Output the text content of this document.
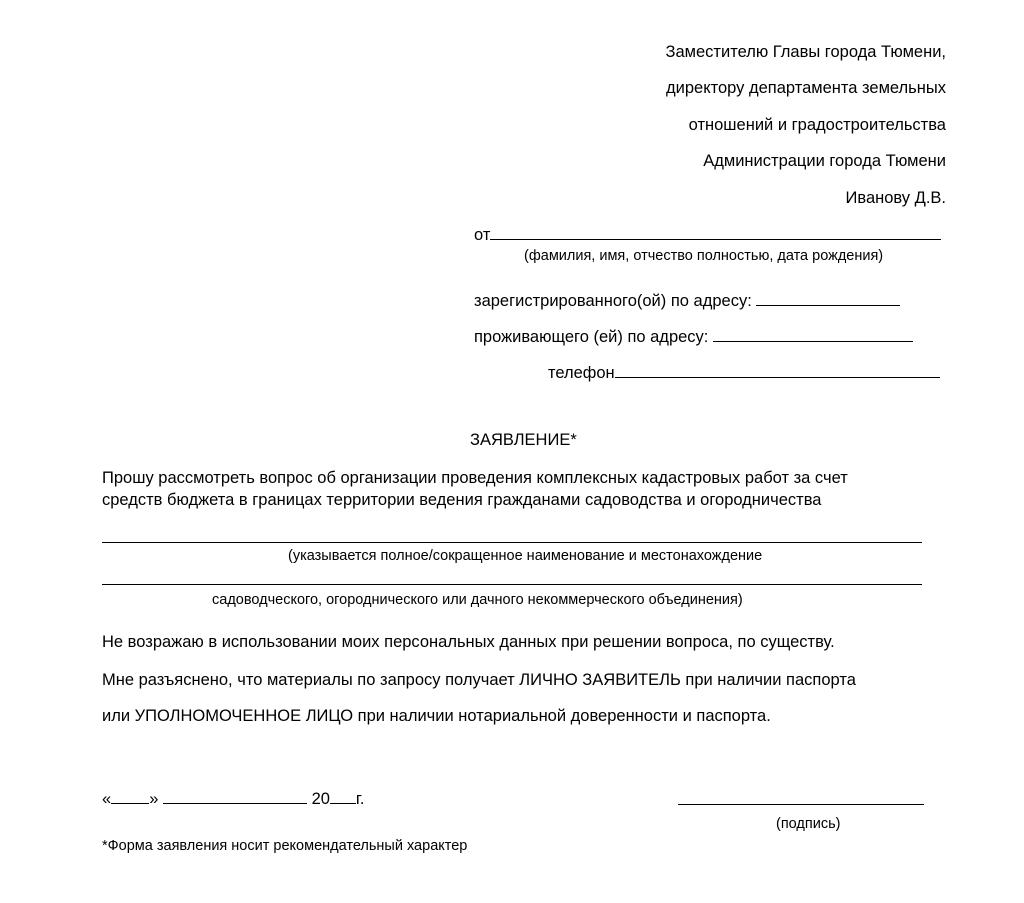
Заместителю Главы города Тюмени,
директору департамента земельных
отношений и градостроительства
Администрации города Тюмени
Иванову Д.В.
от
(фамилия, имя, отчество полностью, дата рождения)
зарегистрированного(ой) по адресу:
проживающего (ей) по адресу:
телефон
ЗАЯВЛЕНИЕ*
Прошу рассмотреть вопрос об организации проведения комплексных кадастровых работ за счет
средств бюджета в границах территории ведения гражданами садоводства и огородничества
(указывается полное/сокращенное наименование и местонахождение
садоводческого, огороднического или дачного некоммерческого объединения)
Не возражаю в использовании моих персональных данных при решении вопроса, по существу.
Мне разъяснено, что материалы по запросу получает ЛИЧНО ЗАЯВИТЕЛЬ при наличии паспорта
или УПОЛНОМОЧЕННОЕ ЛИЦО при наличии нотариальной доверенности и паспорта.
« »	20 г.
(подпись)
*Форма заявления носит рекомендательный характер
